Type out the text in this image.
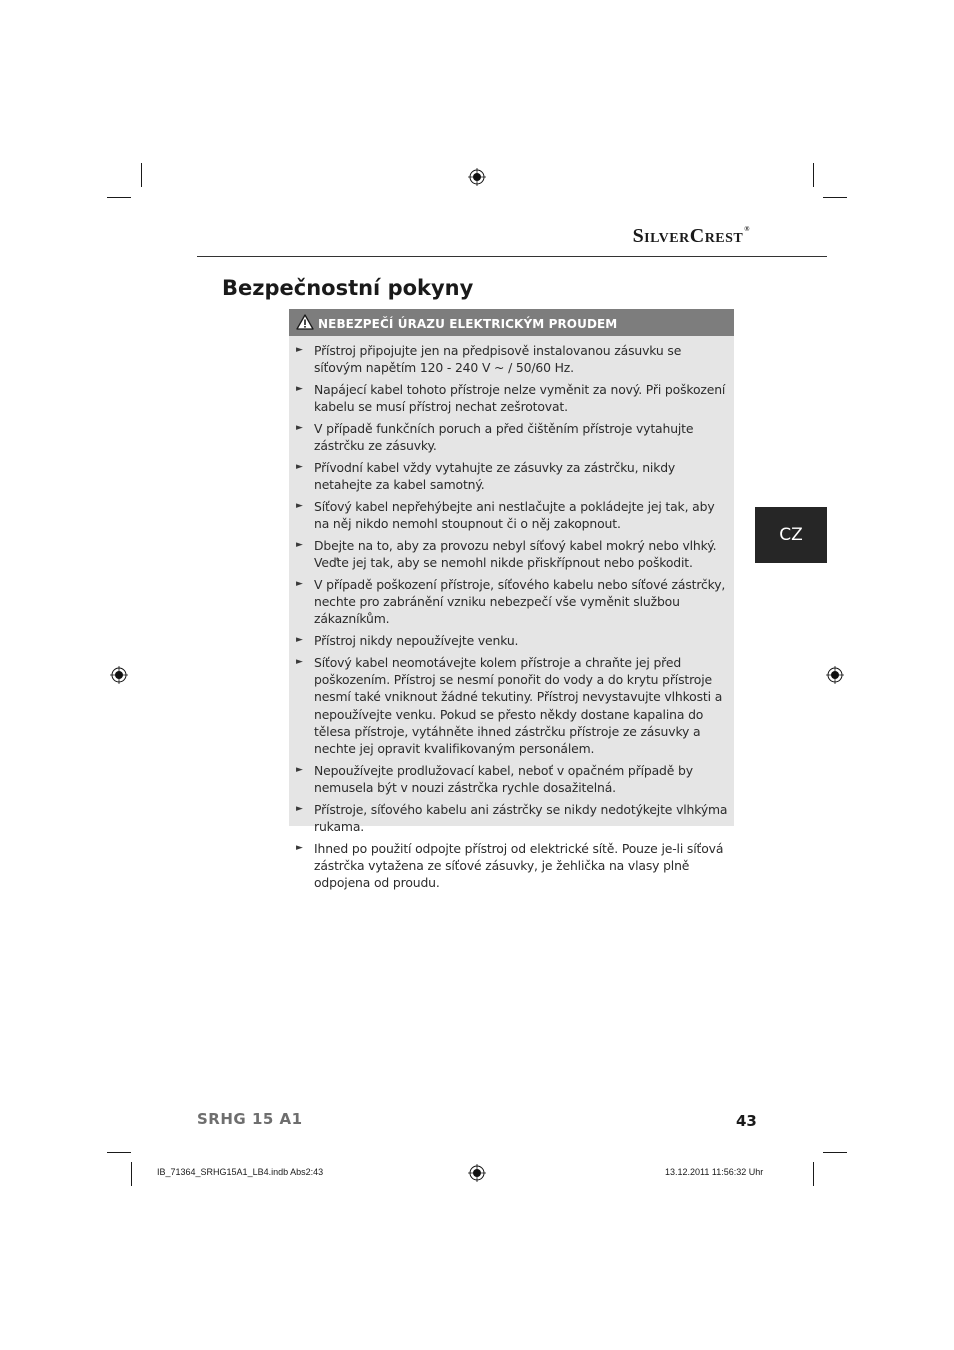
SilverCrest®
Bezpečnostní pokyny
NEBEZPEČÍ ÚRAZU ELEKTRICKÝM PROUDEM
► Přístroj připojujte jen na předpisově instalovanou zásuvku se síťovým napětím 120 - 240 V ~ / 50/60 Hz.
► Napájecí kabel tohoto přístroje nelze vyměnit za nový. Při poškození kabelu se musí přístroj nechat zešrotovat.
► V případě funkčních poruch a před čištěním přístroje vytahujte zástrčku ze zásuvky.
► Přívodní kabel vždy vytahujte ze zásuvky za zástrčku, nikdy netahejte za kabel samotný.
► Síťový kabel nepřehýbejte ani nestlačujte a pokládejte jej tak, aby na něj nikdo nemohl stoupnout či o něj zakopnout.
► Dbejte na to, aby za provozu nebyl síťový kabel mokrý nebo vlhký. Veďte jej tak, aby se nemohl nikde přiskřípnout nebo poškodit.
► V případě poškození přístroje, síťového kabelu nebo síťové zástrčky, nechte pro zabránění vzniku nebezpečí vše vyměnit službou zákazníkům.
► Přístroj nikdy nepoužívejte venku.
► Síťový kabel neomotávejte kolem přístroje a chraňte jej před poškozením. Přístroj se nesmí ponořit do vody a do krytu přístroje nesmí také vniknout žádné tekutiny. Přístroj nevystavujte vlhkosti a nepoužívejte venku. Pokud se přesto někdy dostane kapalina do tělesa přístroje, vytáhněte ihned zástrčku přístroje ze zásuvky a nechte jej opravit kvalifikovaným personálem.
► Nepoužívejte prodlužovací kabel, neboť v opačném případě by nemusela být v nouzi zástrčka rychle dosažitelná.
► Přístroje, síťového kabelu ani zástrčky se nikdy nedotýkejte vlhkýma rukama.
► Ihned po použití odpojte přístroj od elektrické sítě. Pouze je-li síťová zástrčka vytažena ze síťové zásuvky, je žehlička na vlasy plně odpojena od proudu.
CZ
SRHG 15 A1	43
IB_71364_SRHG15A1_LB4.indb Abs2:43	13.12.2011 11:56:32 Uhr
